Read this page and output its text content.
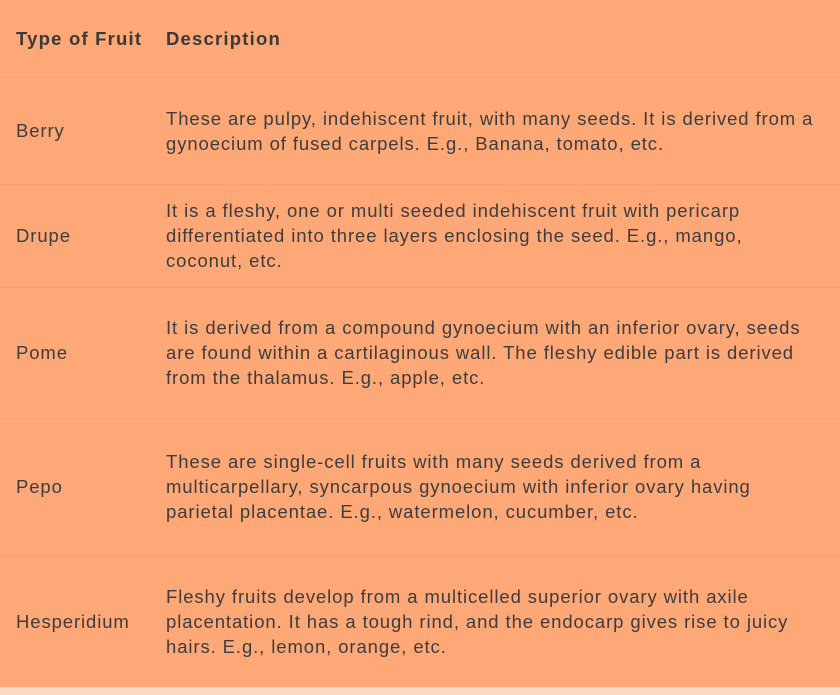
Type of Fruit	Description
Berry	These are pulpy, indehiscent fruit, with many seeds. It is derived from a gynoecium of fused carpels. E.g., Banana, tomato, etc.
Drupe	It is a fleshy, one or multi seeded indehiscent fruit with pericarp differentiated into three layers enclosing the seed. E.g., mango, coconut, etc.
Pome	It is derived from a compound gynoecium with an inferior ovary, seeds are found within a cartilaginous wall. The fleshy edible part is derived from the thalamus. E.g., apple, etc.
Pepo	These are single-cell fruits with many seeds derived from a multicarpellary, syncarpous gynoecium with inferior ovary having parietal placentae. E.g., watermelon, cucumber, etc.
Hesperidium	Fleshy fruits develop from a multicelled superior ovary with axile placentation. It has a tough rind, and the endocarp gives rise to juicy hairs. E.g., lemon, orange, etc.
